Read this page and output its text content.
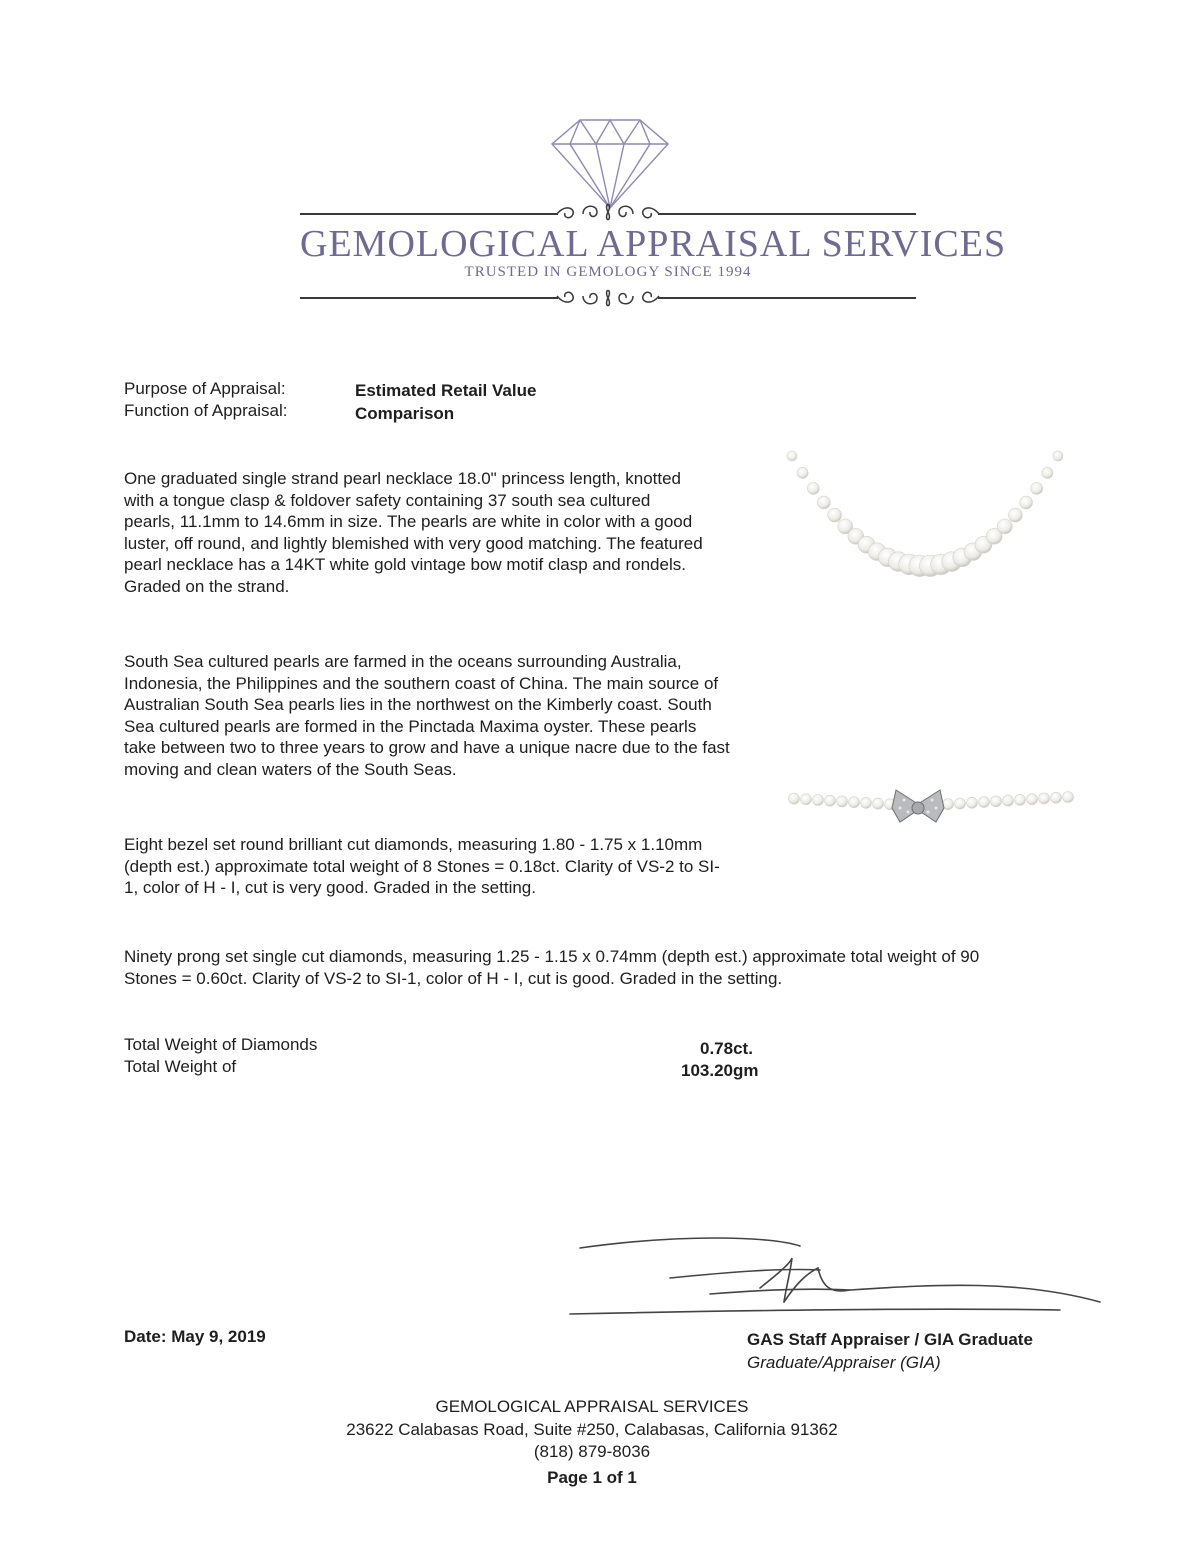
GEMOLOGICAL APPRAISAL SERVICES
TRUSTED IN GEMOLOGY SINCE 1994
Purpose of Appraisal:	Estimated Retail Value
Function of Appraisal:	Comparison
One graduated single strand pearl necklace 18.0" princess length, knotted with a tongue clasp & foldover safety containing 37 south sea cultured pearls, 11.1mm to 14.6mm in size. The pearls are white in color with a good luster, off round, and lightly blemished with very good matching. The featured pearl necklace has a 14KT white gold vintage bow motif clasp and rondels. Graded on the strand.
South Sea cultured pearls are farmed in the oceans surrounding Australia, Indonesia, the Philippines and the southern coast of China. The main source of Australian South Sea pearls lies in the northwest on the Kimberly coast. South Sea cultured pearls are formed in the Pinctada Maxima oyster. These pearls take between two to three years to grow and have a unique nacre due to the fast moving and clean waters of the South Seas.
Eight bezel set round brilliant cut diamonds, measuring 1.80 - 1.75 x 1.10mm (depth est.) approximate total weight of 8 Stones = 0.18ct. Clarity of VS-2 to SI-1, color of H - I, cut is very good. Graded in the setting.
Ninety prong set single cut diamonds, measuring 1.25 - 1.15 x 0.74mm (depth est.) approximate total weight of 90 Stones = 0.60ct. Clarity of VS-2 to SI-1, color of H - I, cut is good. Graded in the setting.
Total Weight of Diamonds	0.78ct.
Total Weight of	103.20gm
Date: May 9, 2019	GAS Staff Appraiser / GIA Graduate
Graduate/Appraiser (GIA)
GEMOLOGICAL APPRAISAL SERVICES
23622 Calabasas Road, Suite #250, Calabasas, California 91362
(818) 879-8036
Page 1 of 1
